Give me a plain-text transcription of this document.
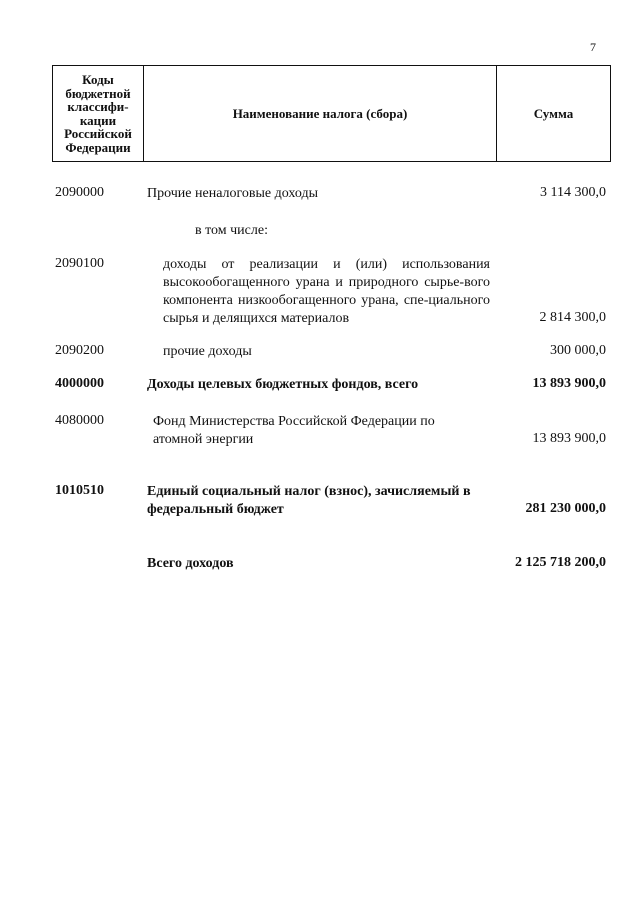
7
Коды бюджетной классифи-кации Российской Федерации	Наименование налога (сбора)	Сумма
2090000	Прочие неналоговые доходы	3 114 300,0
в том числе:
2090100	доходы от реализации и (или) использования высокообогащенного урана и природного сырье-вого компонента низкообогащенного урана, спе-циального сырья и делящихся материалов	2 814 300,0
2090200	прочие доходы	300 000,0
4000000	Доходы целевых бюджетных фондов, всего	13 893 900,0
4080000	Фонд Министерства Российской Федерации по атомной энергии	13 893 900,0
1010510	Единый социальный налог (взнос), зачисляемый в федеральный бюджет	281 230 000,0
Всего доходов	2 125 718 200,0
